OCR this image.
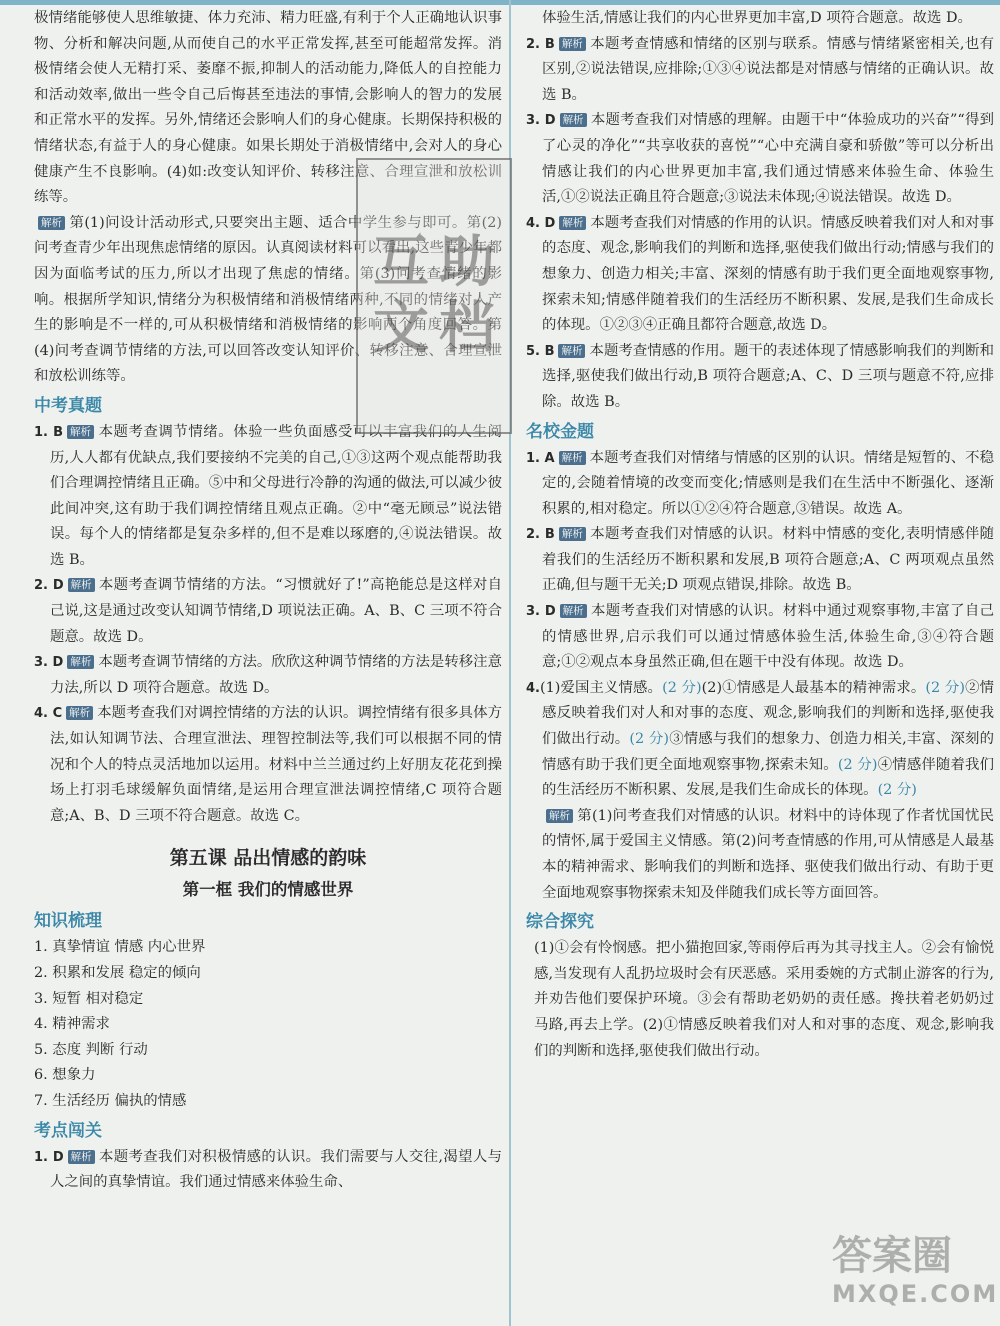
极情绪能够使人思维敏捷、体力充沛、精力旺盛,有利于个人正确地认识事物、分析和解决问题,从而使自己的水平正常发挥,甚至可能超常发挥。消极情绪会使人无精打采、萎靡不振,抑制人的活动能力,降低人的自控能力和活动效率,做出一些令自己后悔甚至违法的事情,会影响人的智力的发展和正常水平的发挥。另外,情绪还会影响人们的身心健康。长期保持积极的情绪状态,有益于人的身心健康。如果长期处于消极情绪中,会对人的身心健康产生不良影响。(4)如:改变认知评价、转移注意、合理宣泄和放松训练等。

解析 第(1)问设计活动形式,只要突出主题、适合中学生参与即可。第(2)问考查青少年出现焦虑情绪的原因。认真阅读材料可以看出,这些青少年都因为面临考试的压力,所以才出现了焦虑的情绪。第(3)问考查情绪的影响。根据所学知识,情绪分为积极情绪和消极情绪两种,不同的情绪对人产生的影响是不一样的,可从积极情绪和消极情绪的影响两个角度回答。第(4)问考查调节情绪的方法,可以回答改变认知评价、转移注意、合理宣泄和放松训练等。

中考真题

1. B 解析 本题考查调节情绪。体验一些负面感受可以丰富我们的人生阅历,人人都有优缺点,我们要接纳不完美的自己,①③这两个观点能帮助我们合理调控情绪且正确。⑤中和父母进行冷静的沟通的做法,可以减少彼此间冲突,这有助于我们调控情绪且观点正确。②中“毫无顾忌”说法错误。每个人的情绪都是复杂多样的,但不是难以琢磨的,④说法错误。故选 B。

2. D 解析 本题考查调节情绪的方法。“习惯就好了!”高艳能总是这样对自己说,这是通过改变认知调节情绪,D 项说法正确。A、B、C 三项不符合题意。故选 D。

3. D 解析 本题考查调节情绪的方法。欣欣这种调节情绪的方法是转移注意力法,所以 D 项符合题意。故选 D。

4. C 解析 本题考查我们对调控情绪的方法的认识。调控情绪有很多具体方法,如认知调节法、合理宣泄法、理智控制法等,我们可以根据不同的情况和个人的特点灵活地加以运用。材料中兰兰通过约上好朋友花花到操场上打羽毛球缓解负面情绪,是运用合理宣泄法调控情绪,C 项符合题意;A、B、D 三项不符合题意。故选 C。

第五课 品出情感的韵味
第一框 我们的情感世界
知识梳理

1. 真挚情谊 情感 内心世界

2. 积累和发展 稳定的倾向

3. 短暂 相对稳定

4. 精神需求

5. 态度 判断 行动

6. 想象力

7. 生活经历 偏执的情感

考点闯关

1. D 解析 本题考查我们对积极情感的认识。我们需要与人交往,渴望人与人之间的真挚情谊。我们通过情感来体验生命、

体验生活,情感让我们的内心世界更加丰富,D 项符合题意。故选 D。

2. B 解析 本题考查情感和情绪的区别与联系。情感与情绪紧密相关,也有区别,②说法错误,应排除;①③④说法都是对情感与情绪的正确认识。故选 B。

3. D 解析 本题考查我们对情感的理解。由题干中“体验成功的兴奋”“得到了心灵的净化”“共享收获的喜悦”“心中充满自豪和骄傲”等可以分析出情感让我们的内心世界更加丰富,我们通过情感来体验生命、体验生活,①②说法正确且符合题意;③说法未体现;④说法错误。故选 D。

4. D 解析 本题考查我们对情感的作用的认识。情感反映着我们对人和对事的态度、观念,影响我们的判断和选择,驱使我们做出行动;情感与我们的想象力、创造力相关;丰富、深刻的情感有助于我们更全面地观察事物,探索未知;情感伴随着我们的生活经历不断积累、发展,是我们生命成长的体现。①②③④正确且都符合题意,故选 D。

5. B 解析 本题考查情感的作用。题干的表述体现了情感影响我们的判断和选择,驱使我们做出行动,B 项符合题意;A、C、D 三项与题意不符,应排除。故选 B。

名校金题

1. A 解析 本题考查我们对情绪与情感的区别的认识。情绪是短暂的、不稳定的,会随着情境的改变而变化;情感则是我们在生活中不断强化、逐渐积累的,相对稳定。所以①②④符合题意,③错误。故选 A。

2. B 解析 本题考查我们对情感的认识。材料中情感的变化,表明情感伴随着我们的生活经历不断积累和发展,B 项符合题意;A、C 两项观点虽然正确,但与题干无关;D 项观点错误,排除。故选 B。

3. D 解析 本题考查我们对情感的认识。材料中通过观察事物,丰富了自己的情感世界,启示我们可以通过情感体验生活,体验生命,③④符合题意;①②观点本身虽然正确,但在题干中没有体现。故选 D。

4.(1)爱国主义情感。(2 分)(2)①情感是人最基本的精神需求。(2 分)②情感反映着我们对人和对事的态度、观念,影响我们的判断和选择,驱使我们做出行动。(2 分)③情感与我们的想象力、创造力相关,丰富、深刻的情感有助于我们更全面地观察事物,探索未知。(2 分)④情感伴随着我们的生活经历不断积累、发展,是我们生命成长的体现。(2 分)

解析 第(1)问考查我们对情感的认识。材料中的诗体现了作者忧国忧民的情怀,属于爱国主义情感。第(2)问考查情感的作用,可从情感是人最基本的精神需求、影响我们的判断和选择、驱使我们做出行动、有助于更全面地观察事物探索未知及伴随我们成长等方面回答。

综合探究

(1)①会有怜悯感。把小猫抱回家,等雨停后再为其寻找主人。②会有愉悦感,当发现有人乱扔垃圾时会有厌恶感。采用委婉的方式制止游客的行为,并劝告他们要保护环境。③会有帮助老奶奶的责任感。搀扶着老奶奶过马路,再去上学。(2)①情感反映着我们对人和对事的态度、观念,影响我们的判断和选择,驱使我们做出行动。

互 助
文 档
答案圈
MXQE.COM
